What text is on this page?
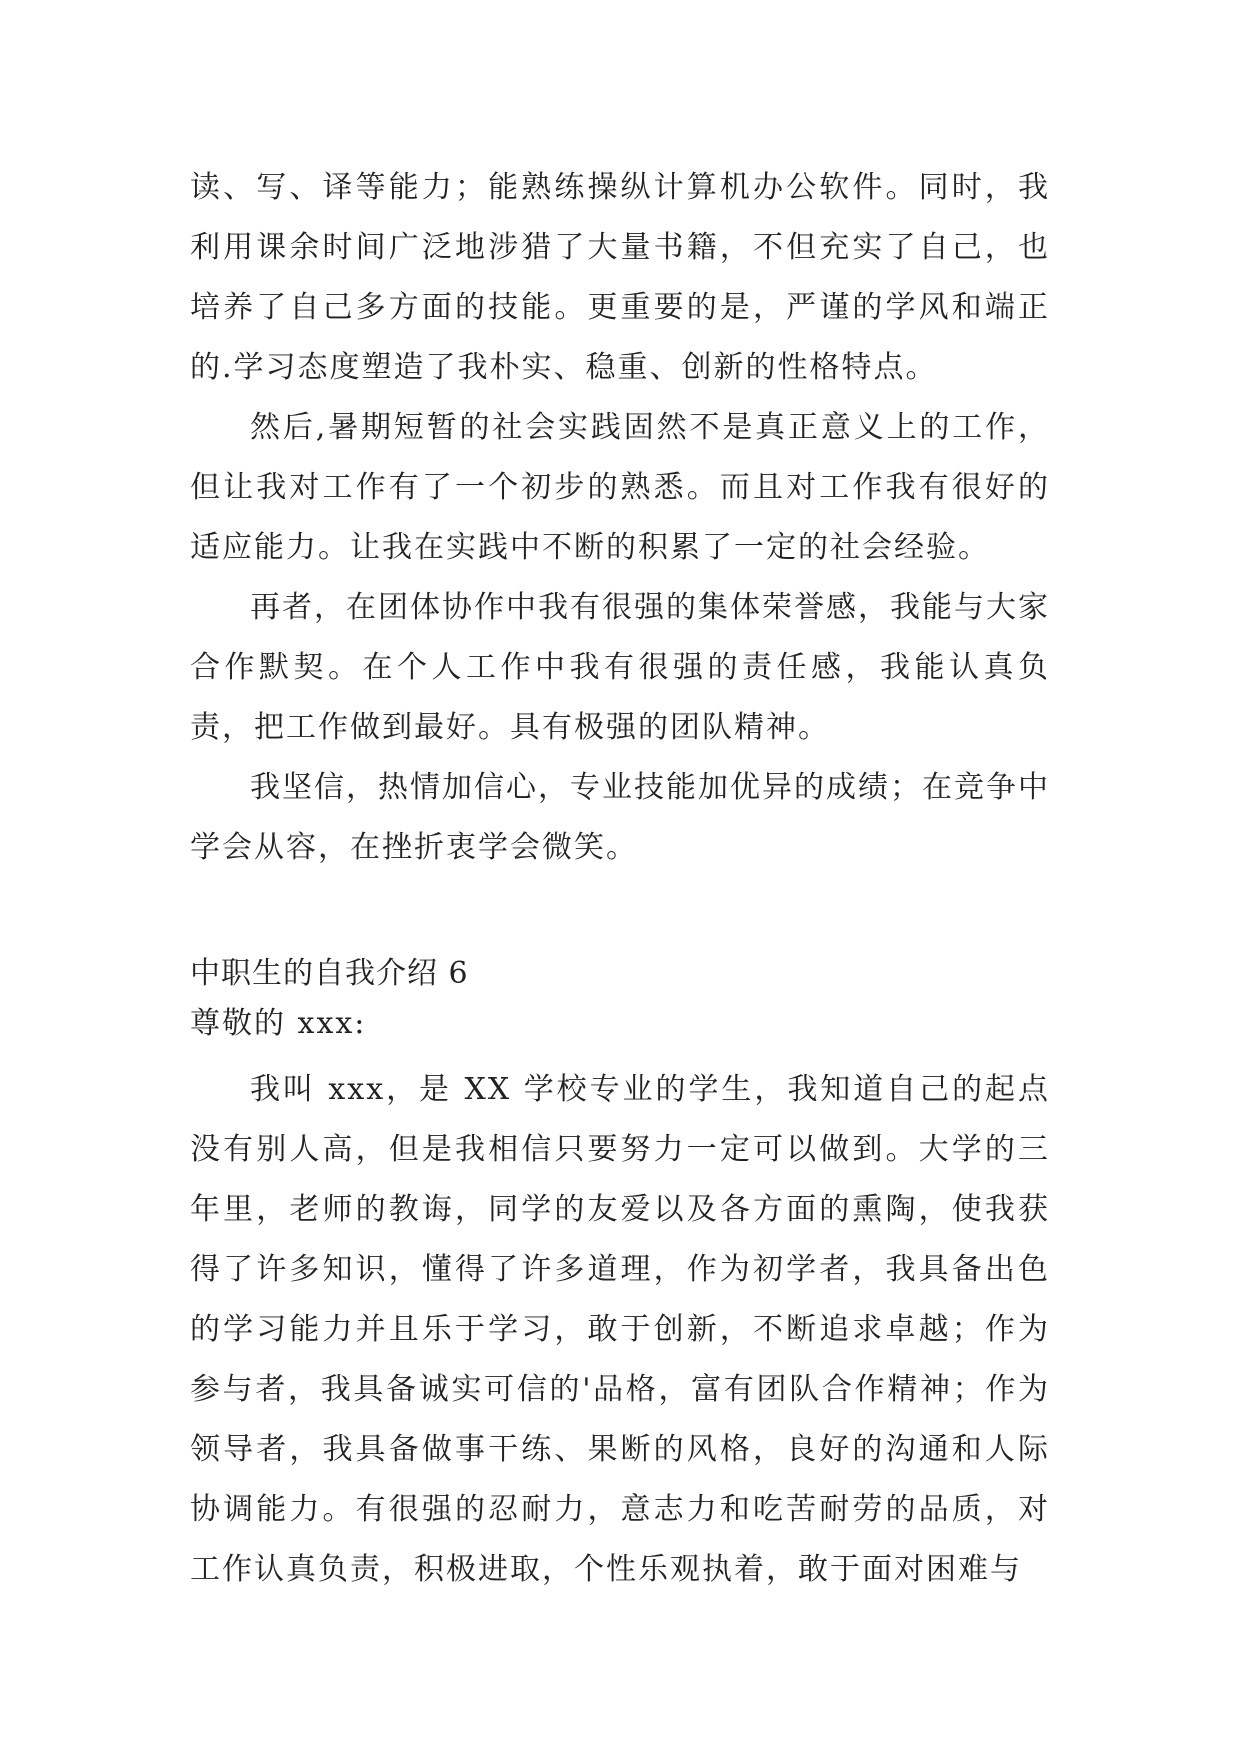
读、写、译等能力；能熟练操纵计算机办公软件。同时，我利用课余时间广泛地涉猎了大量书籍，不但充实了自己，也培养了自己多方面的技能。更重要的是，严谨的学风和端正的.学习态度塑造了我朴实、稳重、创新的性格特点。

然后,暑期短暂的社会实践固然不是真正意义上的工作，但让我对工作有了一个初步的熟悉。而且对工作我有很好的适应能力。让我在实践中不断的积累了一定的社会经验。

再者，在团体协作中我有很强的集体荣誉感，我能与大家合作默契。在个人工作中我有很强的责任感，我能认真负责，把工作做到最好。具有极强的团队精神。

我坚信，热情加信心，专业技能加优异的成绩；在竞争中学会从容，在挫折衷学会微笑。

中职生的自我介绍 6

尊敬的 xxx:

我叫 xxx，是 XX 学校专业的学生，我知道自己的起点没有别人高，但是我相信只要努力一定可以做到。大学的三年里，老师的教诲，同学的友爱以及各方面的熏陶，使我获得了许多知识，懂得了许多道理，作为初学者，我具备出色的学习能力并且乐于学习，敢于创新，不断追求卓越；作为参与者，我具备诚实可信的'品格，富有团队合作精神；作为领导者，我具备做事干练、果断的风格，良好的沟通和人际协调能力。有很强的忍耐力，意志力和吃苦耐劳的品质，对工作认真负责，积极进取，个性乐观执着，敢于面对困难与
